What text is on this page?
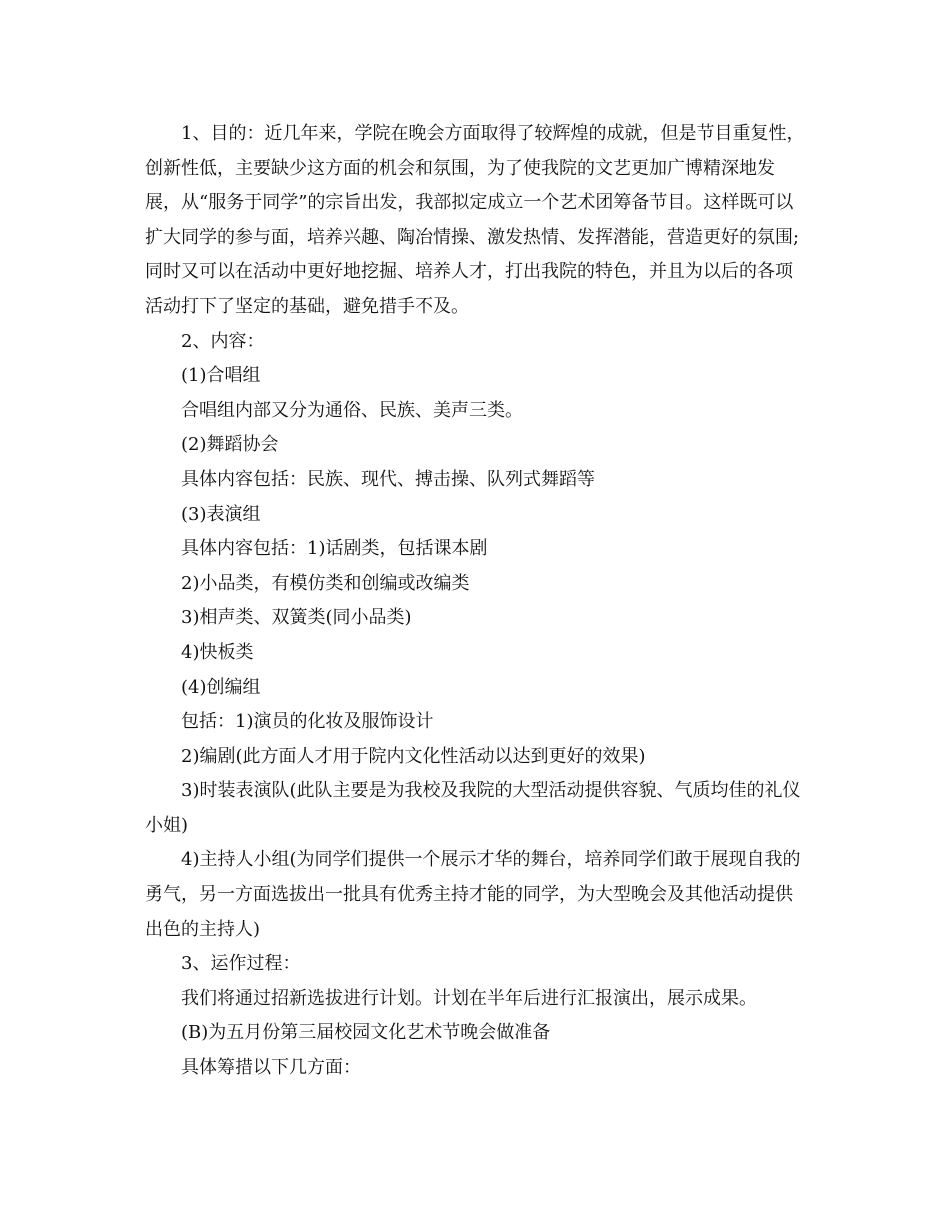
1、目的：近几年来，学院在晚会方面取得了较辉煌的成就，但是节目重复性，创新性低，主要缺少这方面的机会和氛围，为了使我院的文艺更加广博精深地发展，从“服务于同学”的宗旨出发，我部拟定成立一个艺术团筹备节目。这样既可以扩大同学的参与面，培养兴趣、陶冶情操、激发热情、发挥潜能，营造更好的氛围;同时又可以在活动中更好地挖掘、培养人才，打出我院的特色，并且为以后的各项活动打下了坚定的基础，避免措手不及。

2、内容：

(1)合唱组

合唱组内部又分为通俗、民族、美声三类。

(2)舞蹈协会

具体内容包括：民族、现代、搏击操、队列式舞蹈等

(3)表演组

具体内容包括：1)话剧类，包括课本剧

2)小品类，有模仿类和创编或改编类

3)相声类、双簧类(同小品类)

4)快板类

(4)创编组

包括：1)演员的化妆及服饰设计

2)编剧(此方面人才用于院内文化性活动以达到更好的效果)

3)时装表演队(此队主要是为我校及我院的大型活动提供容貌、气质均佳的礼仪小姐)

4)主持人小组(为同学们提供一个展示才华的舞台，培养同学们敢于展现自我的勇气，另一方面选拔出一批具有优秀主持才能的同学，为大型晚会及其他活动提供出色的主持人)

3、运作过程：

我们将通过招新选拔进行计划。计划在半年后进行汇报演出，展示成果。

(B)为五月份第三届校园文化艺术节晚会做准备

具体筹措以下几方面：
